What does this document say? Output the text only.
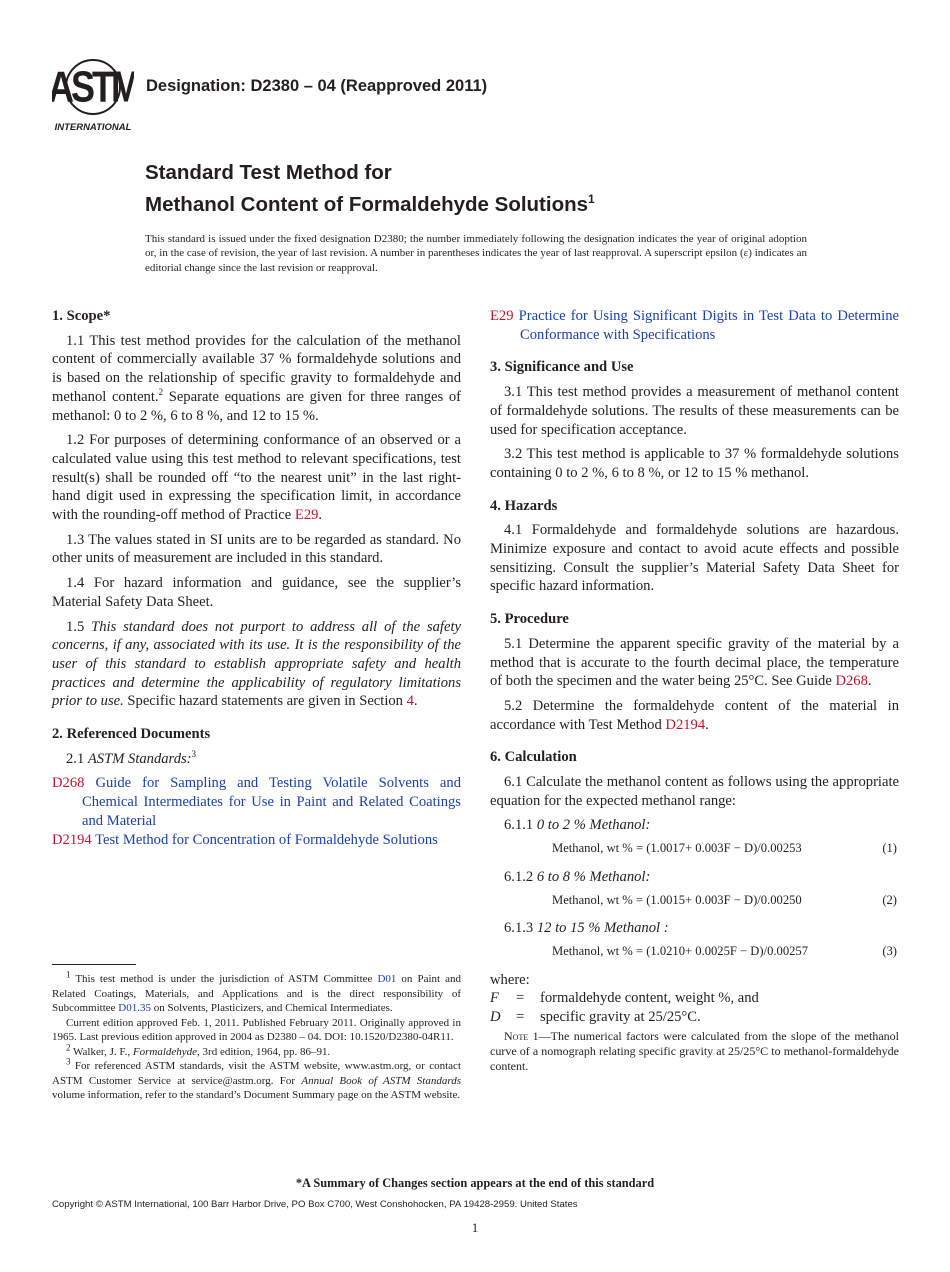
ASTM
INTERNATIONAL
Designation: D2380 – 04 (Reapproved 2011)
Standard Test Method for
Methanol Content of Formaldehyde Solutions$^1$
This standard is issued under the fixed designation D2380; the number immediately following the designation indicates the year of original adoption or, in the case of revision, the year of last revision. A number in parentheses indicates the year of last reapproval. A superscript epsilon (ε) indicates an editorial change since the last revision or reapproval.
1. Scope*

1.1 This test method provides for the calculation of the methanol content of commercially available 37 % formaldehyde solutions and is based on the relationship of specific gravity to formaldehyde and methanol content.$^2$ Separate equations are given for three ranges of methanol: 0 to 2 %, 6 to 8 %, and 12 to 15 %.

1.2 For purposes of determining conformance of an observed or a calculated value using this test method to relevant specifications, test result(s) shall be rounded off “to the nearest unit” in the last right-hand digit used in expressing the specification limit, in accordance with the rounding-off method of Practice E29.

1.3 The values stated in SI units are to be regarded as standard. No other units of measurement are included in this standard.

1.4 For hazard information and guidance, see the supplier’s Material Safety Data Sheet.

1.5 This standard does not purport to address all of the safety concerns, if any, associated with its use. It is the responsibility of the user of this standard to establish appropriate safety and health practices and determine the applicability of regulatory limitations prior to use. Specific hazard statements are given in Section 4.

2. Referenced Documents

2.1 ASTM Standards:$^3$

D268 Guide for Sampling and Testing Volatile Solvents and Chemical Intermediates for Use in Paint and Related Coatings and Material

D2194 Test Method for Concentration of Formaldehyde Solutions

E29 Practice for Using Significant Digits in Test Data to Determine Conformance with Specifications

3. Significance and Use

3.1 This test method provides a measurement of methanol content of formaldehyde solutions. The results of these measurements can be used for specification acceptance.

3.2 This test method is applicable to 37 % formaldehyde solutions containing 0 to 2 %, 6 to 8 %, or 12 to 15 % methanol.

4. Hazards

4.1 Formaldehyde and formaldehyde solutions are hazardous. Minimize exposure and contact to avoid acute effects and possible sensitizing. Consult the supplier’s Material Safety Data Sheet for specific hazard information.

5. Procedure

5.1 Determine the apparent specific gravity of the material by a method that is accurate to the fourth decimal place, the temperature of both the specimen and the water being 25°C. See Guide D268.

5.2 Determine the formaldehyde content of the material in accordance with Test Method D2194.

6. Calculation

6.1 Calculate the methanol content as follows using the appropriate equation for the expected methanol range:

6.1.1 0 to 2 % Methanol:

Methanol, wt % = (1.0017+ 0.003F − D)/0.00253	(1)

6.1.2 6 to 8 % Methanol:

Methanol, wt % = (1.0015+ 0.003F − D)/0.00250	(2)

6.1.3 12 to 15 % Methanol :

Methanol, wt % = (1.0210+ 0.0025F − D)/0.00257	(3)

where:

F	=	formaldehyde content, weight %, and
D	=	specific gravity at 25/25°C.
Note 1—The numerical factors were calculated from the slope of the methanol curve of a nomograph relating specific gravity at 25/25°C to methanol-formaldehyde content.

$^1$ This test method is under the jurisdiction of ASTM Committee D01 on Paint and Related Coatings, Materials, and Applications and is the direct responsibility of Subcommittee D01.35 on Solvents, Plasticizers, and Chemical Intermediates.

Current edition approved Feb. 1, 2011. Published February 2011. Originally approved in 1965. Last previous edition approved in 2004 as D2380 – 04. DOI: 10.1520/D2380-04R11.

$^2$ Walker, J. F., Formaldehyde, 3rd edition, 1964, pp. 86–91.

$^3$ For referenced ASTM standards, visit the ASTM website, www.astm.org, or contact ASTM Customer Service at service@astm.org. For Annual Book of ASTM Standards volume information, refer to the standard’s Document Summary page on the ASTM website.

*A Summary of Changes section appears at the end of this standard
Copyright © ASTM International, 100 Barr Harbor Drive, PO Box C700, West Conshohocken, PA 19428-2959. United States
1
